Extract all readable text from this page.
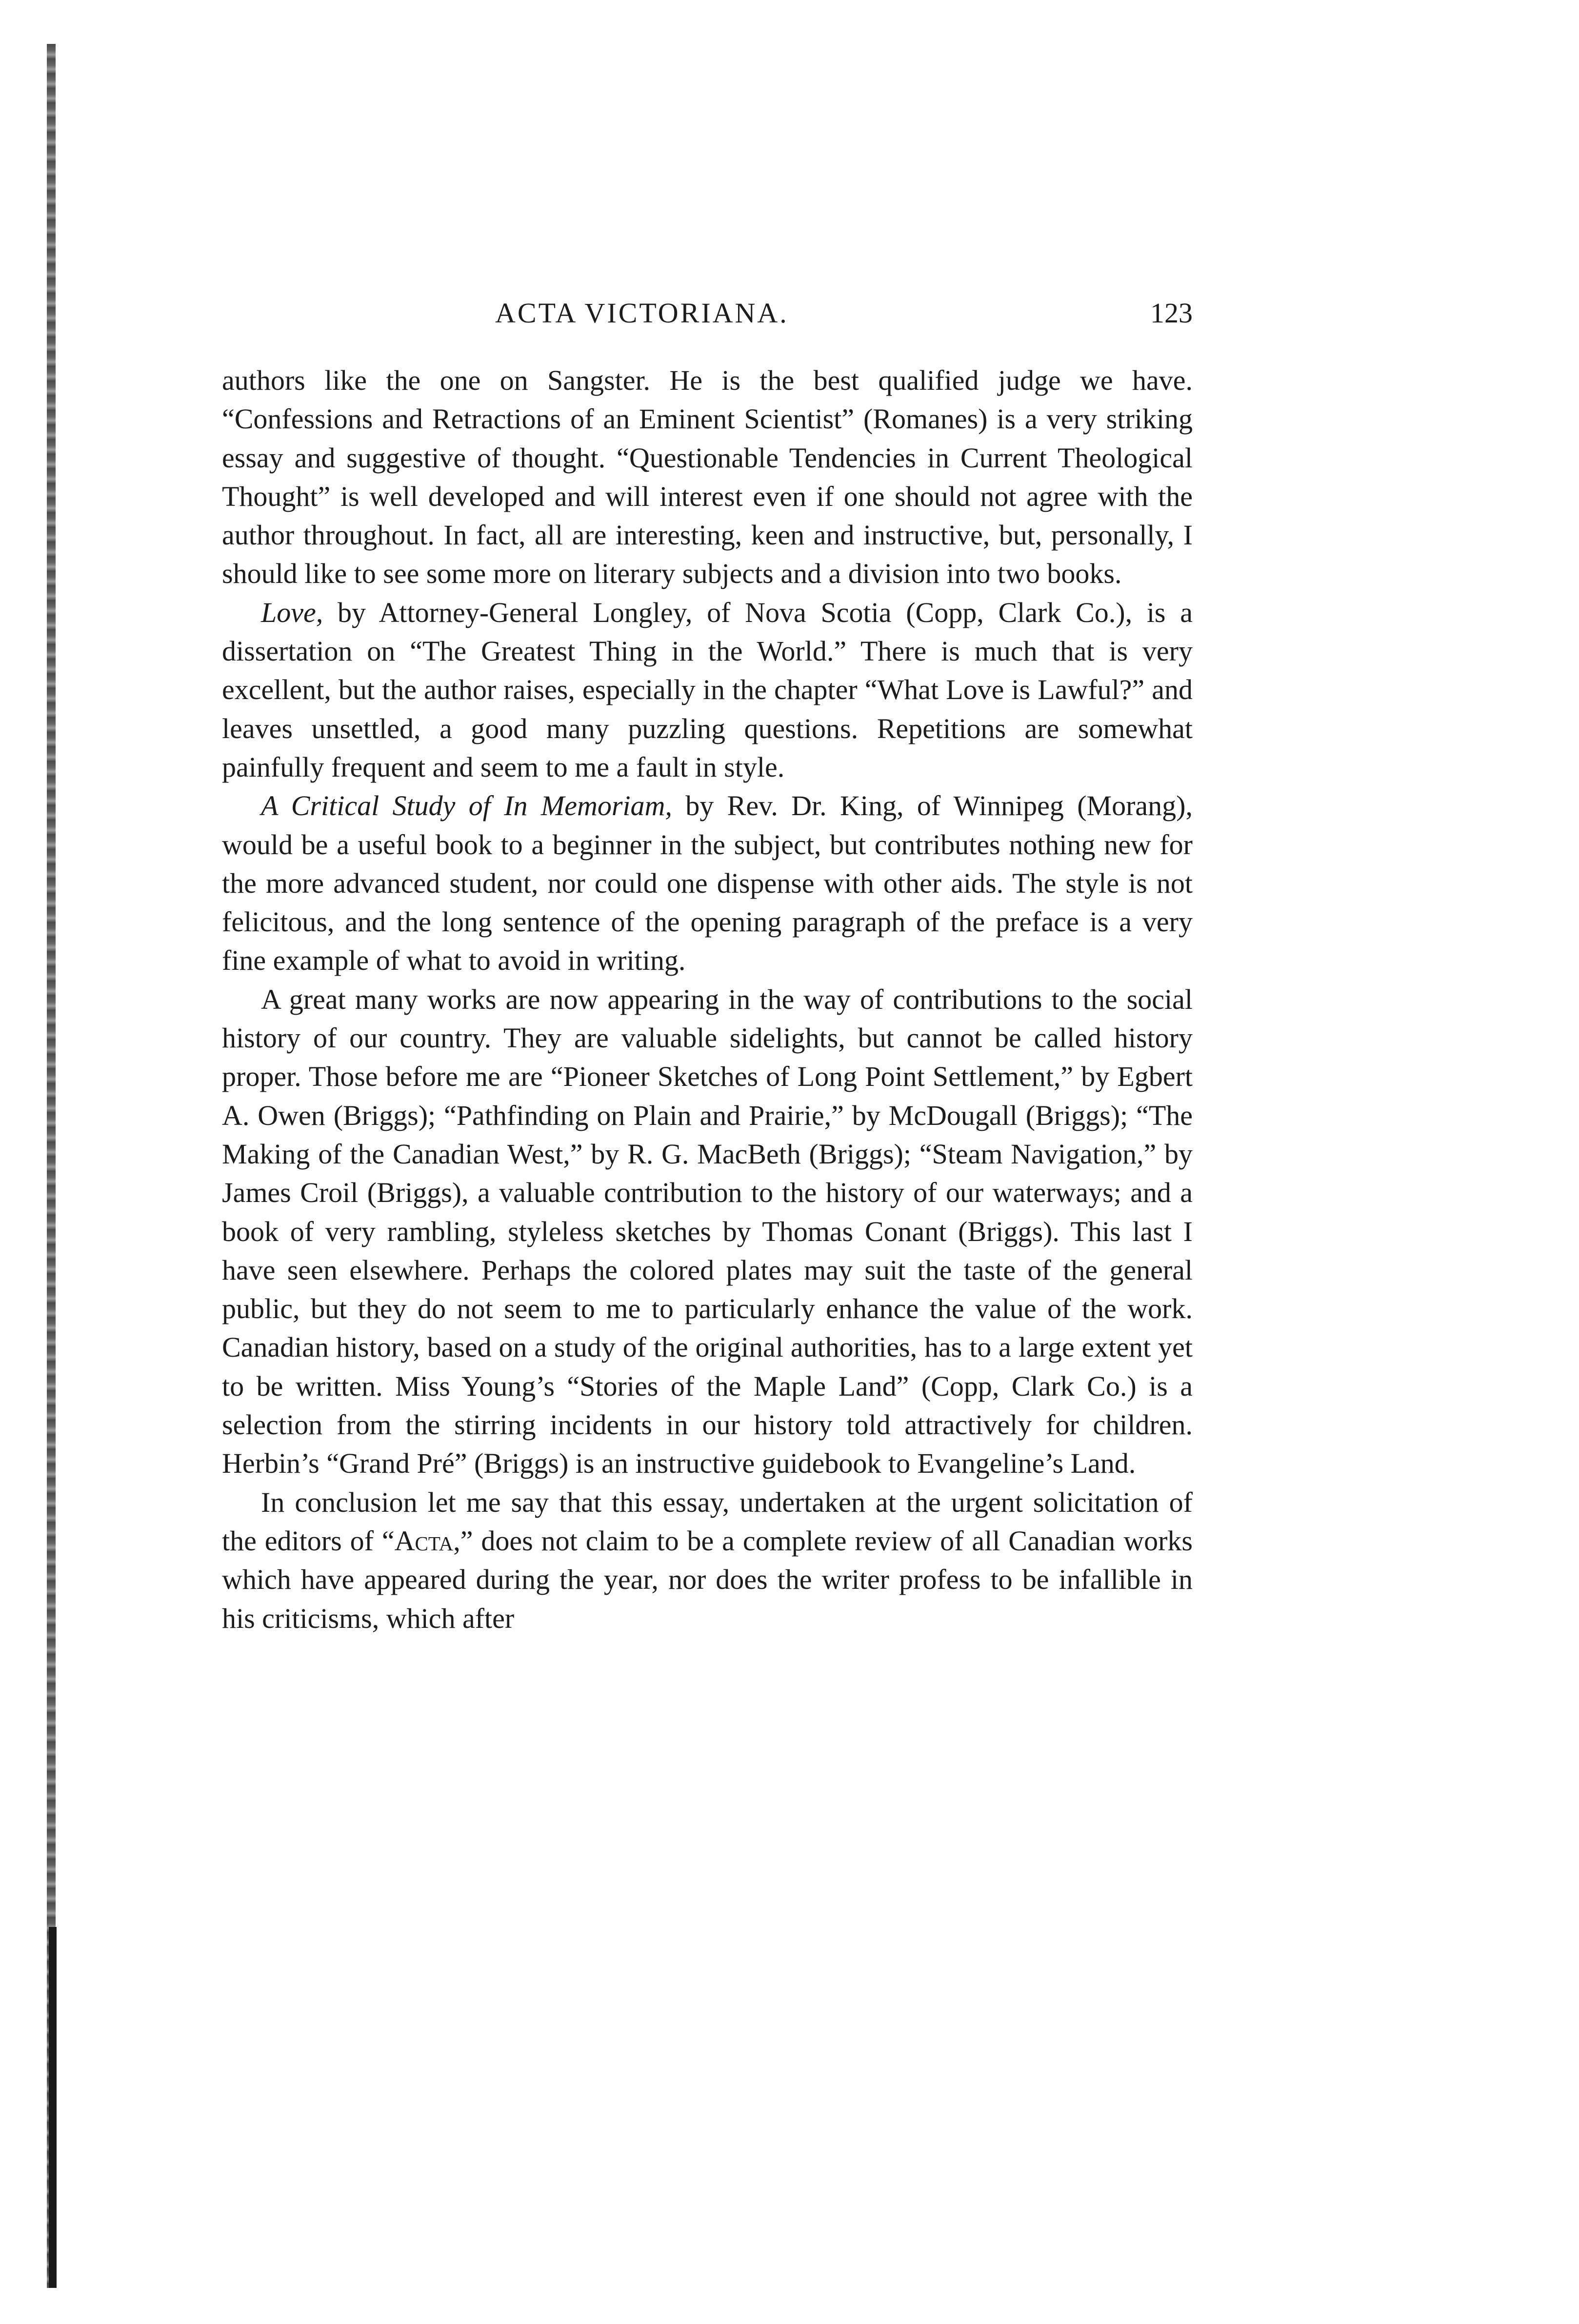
ACTA VICTORIANA.	123

authors like the one on Sangster. He is the best qualified judge we have. “Confessions and Retractions of an Eminent Scientist” (Romanes) is a very striking essay and suggestive of thought. “Questionable Tendencies in Current Theological Thought” is well developed and will interest even if one should not agree with the author throughout. In fact, all are interesting, keen and instructive, but, personally, I should like to see some more on literary subjects and a division into two books.

Love, by Attorney-General Longley, of Nova Scotia (Copp, Clark Co.), is a dissertation on “The Greatest Thing in the World.” There is much that is very excellent, but the author raises, especially in the chapter “What Love is Lawful?” and leaves unsettled, a good many puzzling questions. Repetitions are somewhat painfully frequent and seem to me a fault in style.

A Critical Study of In Memoriam, by Rev. Dr. King, of Winnipeg (Morang), would be a useful book to a beginner in the subject, but contributes nothing new for the more advanced student, nor could one dispense with other aids. The style is not felicitous, and the long sentence of the opening paragraph of the preface is a very fine example of what to avoid in writing.

A great many works are now appearing in the way of contributions to the social history of our country. They are valuable sidelights, but cannot be called history proper. Those before me are “Pioneer Sketches of Long Point Settlement,” by Egbert A. Owen (Briggs); “Pathfinding on Plain and Prairie,” by McDougall (Briggs); “The Making of the Canadian West,” by R. G. MacBeth (Briggs); “Steam Navigation,” by James Croil (Briggs), a valuable contribution to the history of our waterways; and a book of very rambling, styleless sketches by Thomas Conant (Briggs). This last I have seen elsewhere. Perhaps the colored plates may suit the taste of the general public, but they do not seem to me to particularly enhance the value of the work. Canadian history, based on a study of the original authorities, has to a large extent yet to be written. Miss Young’s “Stories of the Maple Land” (Copp, Clark Co.) is a selection from the stirring incidents in our history told attractively for children. Herbin’s “Grand Pré” (Briggs) is an instructive guidebook to Evangeline’s Land.

In conclusion let me say that this essay, undertaken at the urgent solicitation of the editors of “Acta,” does not claim to be a complete review of all Canadian works which have appeared during the year, nor does the writer profess to be infallible in his criticisms, which after
